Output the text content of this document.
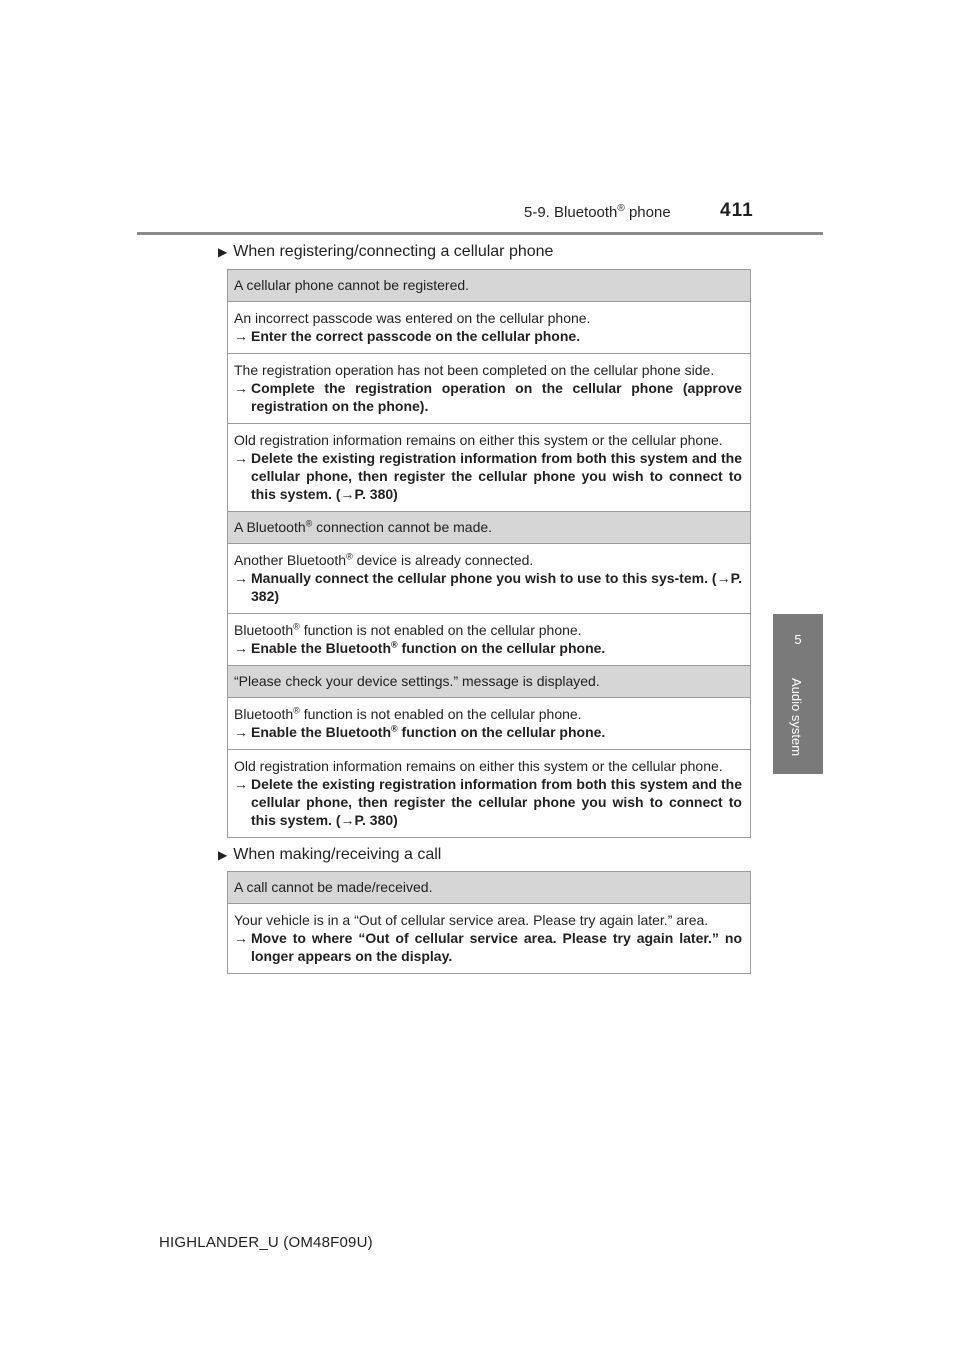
5-9. Bluetooth® phone	411
5
Audio system
▶ When registering/connecting a cellular phone
A cellular phone cannot be registered.

An incorrect passcode was entered on the cellular phone.
→ Enter the correct passcode on the cellular phone.

The registration operation has not been completed on the cellular phone side.
→ Complete the registration operation on the cellular phone (approve registration on the phone).

Old registration information remains on either this system or the cellular phone.
→ Delete the existing registration information from both this system and the cellular phone, then register the cellular phone you wish to connect to this system. (→P. 380)

A Bluetooth® connection cannot be made.

Another Bluetooth® device is already connected.
→ Manually connect the cellular phone you wish to use to this sys-tem. (→P. 382)

Bluetooth® function is not enabled on the cellular phone.
→ Enable the Bluetooth® function on the cellular phone.

“Please check your device settings.” message is displayed.

Bluetooth® function is not enabled on the cellular phone.
→ Enable the Bluetooth® function on the cellular phone.

Old registration information remains on either this system or the cellular phone.
→ Delete the existing registration information from both this system and the cellular phone, then register the cellular phone you wish to connect to this system. (→P. 380)
▶ When making/receiving a call
A call cannot be made/received.

Your vehicle is in a “Out of cellular service area. Please try again later.” area.
→ Move to where “Out of cellular service area. Please try again later.” no longer appears on the display.
HIGHLANDER_U (OM48F09U)
